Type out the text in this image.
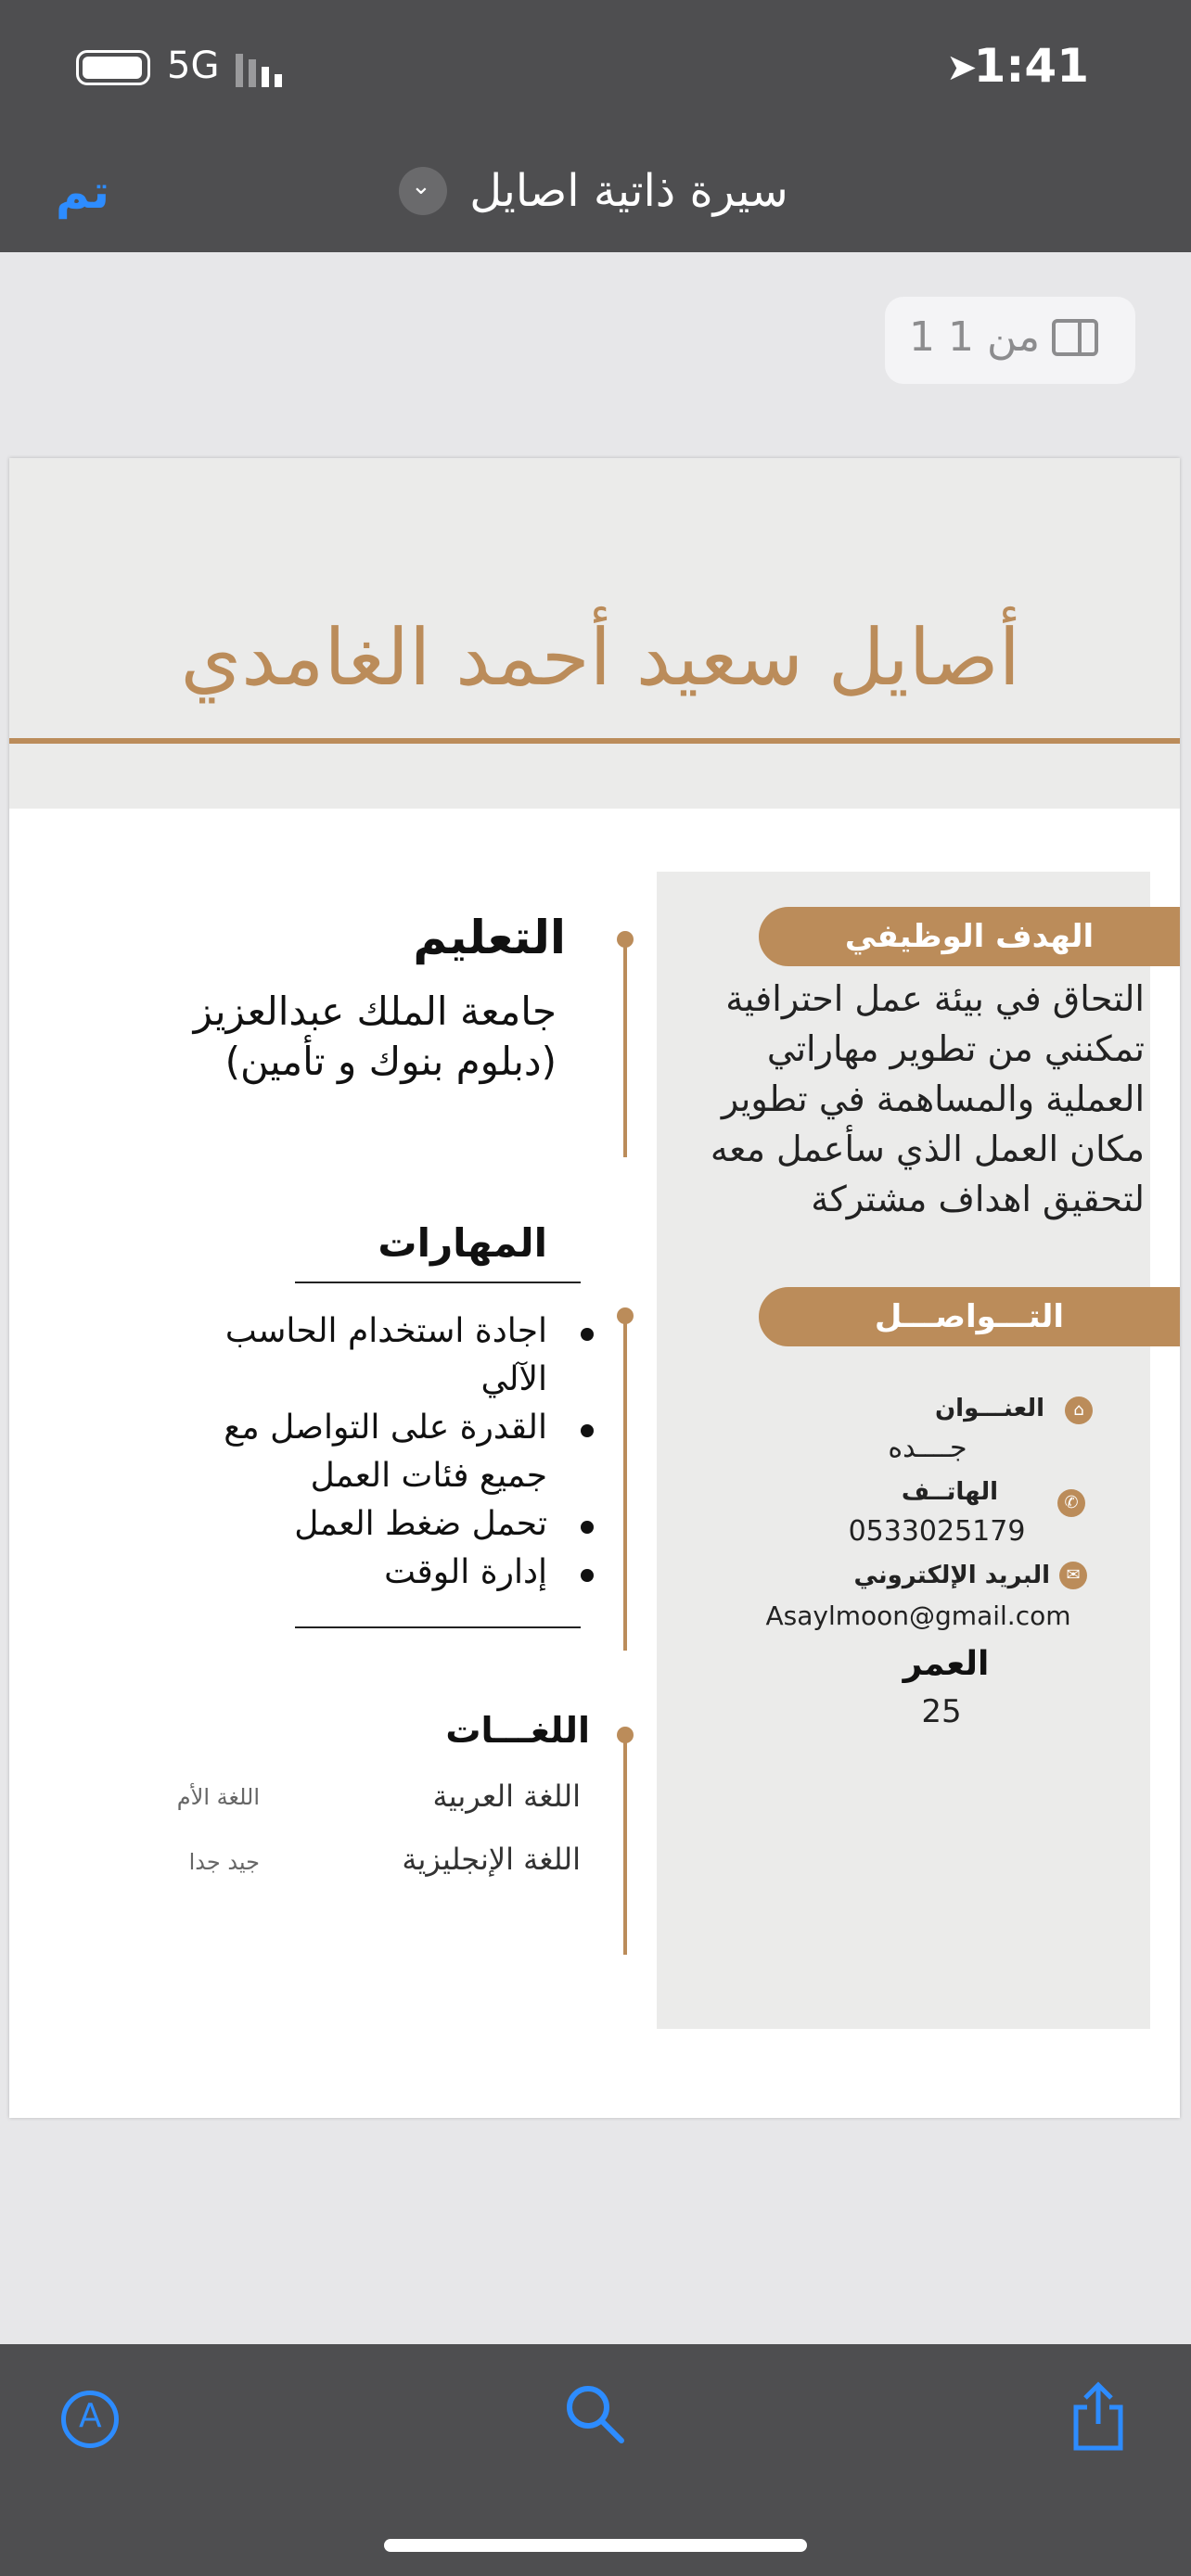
5G	➤
1:41
تم	⌄ سيرة ذاتية اصايل
1 من 1
أصايل سعيد أحمد الغامدي
الهدف الوظيفي
التحاق في بيئة عمل احترافية
تمكنني من تطوير مهاراتي
العملية والمساهمة في تطوير
مكان العمل الذي سأعمل معه
لتحقيق اهداف مشتركة
التـــواصـــل
⌂
العنـــوان
جــــده
✆
الهاتــف
0533025179
✉
البريد الإلكتروني
Asaylmoon@gmail.com
العمر
25
التعليم
جامعة الملك عبدالعزيز
(دبلوم بنوك و تأمين)
المهارات
اجادة استخدام الحاسب الآلي
القدرة على التواصل مع جميع فئات العمل
تحمل ضغط العمل
إدارة الوقت
اللغـــات
اللغة العربية
اللغة الأم
اللغة الإنجليزية
جيد جدا
A
